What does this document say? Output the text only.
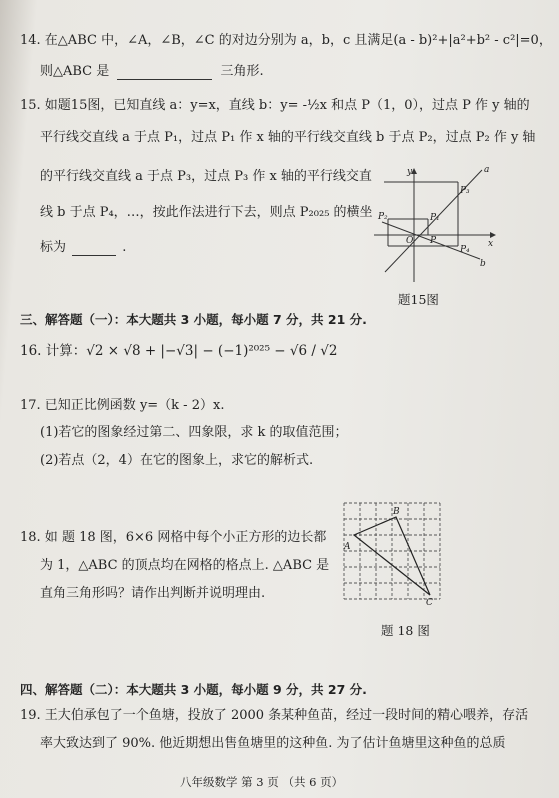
14. 在△ABC 中，∠A，∠B，∠C 的对边分别为 a，b，c 且满足(a - b)²+|a²+b² - c²|=0，
则△ABC 是	三角形.
15. 如题15图，已知直线 a：y=x，直线 b：y= -½x 和点 P（1，0），过点 P 作 y 轴的
平行线交直线 a 于点 P₁，过点 P₁ 作 x 轴的平行线交直线 b 于点 P₂，过点 P₂ 作 y 轴
的平行线交直线 a 于点 P₃，过点 P₃ 作 x 轴的平行线交直
线 b 于点 P₄，…，按此作法进行下去，则点 P₂₀₂₅ 的横坐
标为	.
y
x
a
b
O P
P₁
P₂
P₃
P₄
题15图
三、解答题（一）：本大题共 3 小题，每小题 7 分，共 21 分.
16. 计算：√2 × √8 + |−√3| − (−1)²⁰²⁵ − √6 / √2
17. 已知正比例函数 y=（k - 2）x.
(1)若它的图象经过第二、四象限，求 k 的取值范围；
(2)若点（2，4）在它的图象上，求它的解析式.
18. 如 题 18 图，6×6 网格中每个小正方形的边长都
为 1，△ABC 的顶点均在网格的格点上. △ABC 是
直角三角形吗？请作出判断并说明理由.
A
B
C
题 18 图
四、解答题（二）：本大题共 3 小题，每小题 9 分，共 27 分.
19. 王大伯承包了一个鱼塘，投放了 2000 条某种鱼苗，经过一段时间的精心喂养，存活
率大致达到了 90%. 他近期想出售鱼塘里的这种鱼. 为了估计鱼塘里这种鱼的总质
八年级数学 第 3 页 （共 6 页）
